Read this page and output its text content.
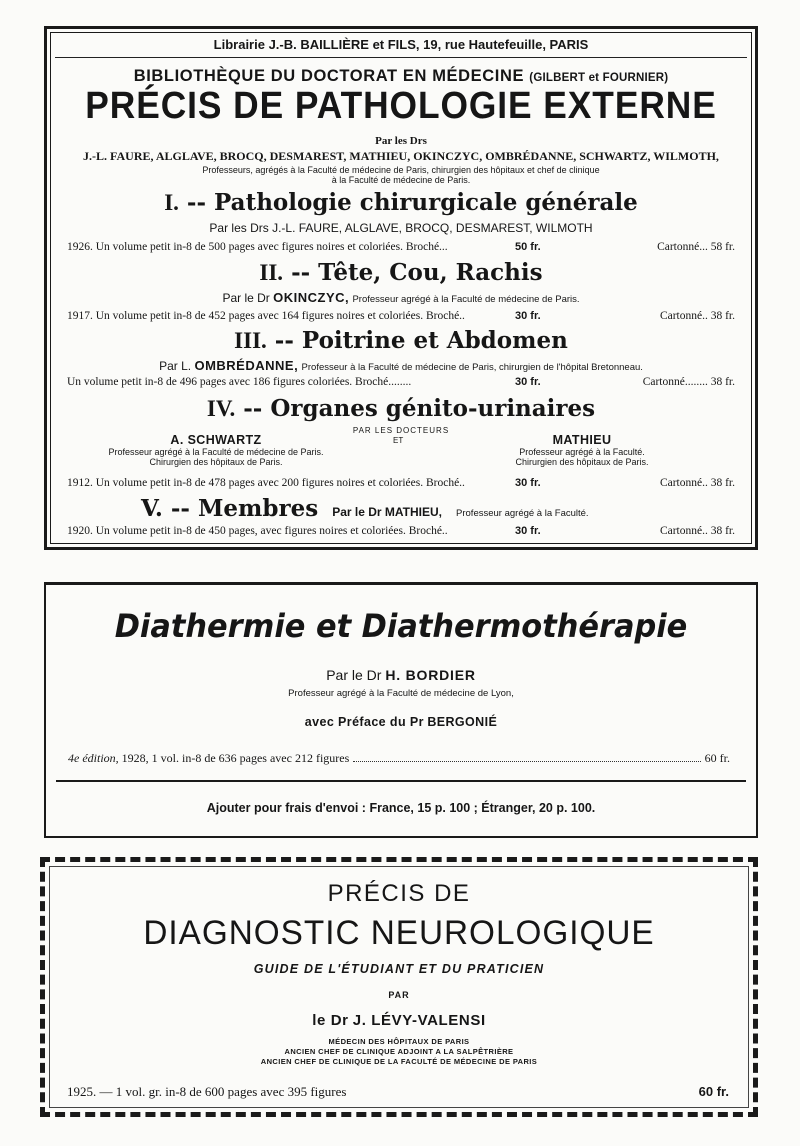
Librairie J.-B. BAILLIÈRE et FILS, 19, rue Hautefeuille, PARIS
BIBLIOTHÈQUE DU DOCTORAT EN MÉDECINE (GILBERT et FOURNIER)
PRÉCIS DE PATHOLOGIE EXTERNE
Par les Drs
J.-L. FAURE, ALGLAVE, BROCQ, DESMAREST, MATHIEU, OKINCZYC, OMBRÉDANNE, SCHWARTZ, WILMOTH,
Professeurs, agrégés à la Faculté de médecine de Paris, chirurgien des hôpitaux et chef de clinique
à la Faculté de médecine de Paris.
I. -- Pathologie chirurgicale générale
Par les Drs J.-L. FAURE, ALGLAVE, BROCQ, DESMAREST, WILMOTH
1926. Un volume petit in-8 de 500 pages avec figures noires et coloriées. Broché...	50 fr.	Cartonné... 58 fr.
II. -- Tête, Cou, Rachis
Par le Dr OKINCZYC, Professeur agrégé à la Faculté de médecine de Paris.
1917. Un volume petit in-8 de 452 pages avec 164 figures noires et coloriées. Broché..	30 fr.	Cartonné.. 38 fr.
III. -- Poitrine et Abdomen
Par L. OMBRÉDANNE, Professeur à la Faculté de médecine de Paris, chirurgien de l'hôpital Bretonneau.
Un volume petit in-8 de 496 pages avec 186 figures coloriées. Broché........	30 fr.	Cartonné........ 38 fr.
IV. -- Organes génito-urinaires
PAR LES DOCTEURS
ET
A. SCHWARTZ
Professeur agrégé à la Faculté de médecine de Paris.
Chirurgien des hôpitaux de Paris.
MATHIEU
Professeur agrégé à la Faculté.
Chirurgien des hôpitaux de Paris.
1912. Un volume petit in-8 de 478 pages avec 200 figures noires et coloriées. Broché..	30 fr.	Cartonné.. 38 fr.
V. -- Membres Par le Dr MATHIEU, Professeur agrégé à la Faculté.
1920. Un volume petit in-8 de 450 pages, avec figures noires et coloriées. Broché..	30 fr.	Cartonné.. 38 fr.
Diathermie et Diathermothérapie
Par le Dr H. BORDIER
Professeur agrégé à la Faculté de médecine de Lyon,
avec Préface du Pr BERGONIÉ
4e édition,
1928, 1 vol. in-8 de 636 pages avec 212 figures	60 fr.
Ajouter pour frais d'envoi : France, 15 p. 100 ; Étranger, 20 p. 100.
PRÉCIS DE
DIAGNOSTIC NEUROLOGIQUE
GUIDE DE L'ÉTUDIANT ET DU PRATICIEN
PAR
le Dr J. LÉVY-VALENSI
MÉDECIN DES HÔPITAUX DE PARIS
ANCIEN CHEF DE CLINIQUE ADJOINT A LA SALPÊTRIÈRE
ANCIEN CHEF DE CLINIQUE DE LA FACULTÉ DE MÉDECINE DE PARIS
1925. — 1 vol. gr. in-8 de 600 pages avec 395 figures	60 fr.
